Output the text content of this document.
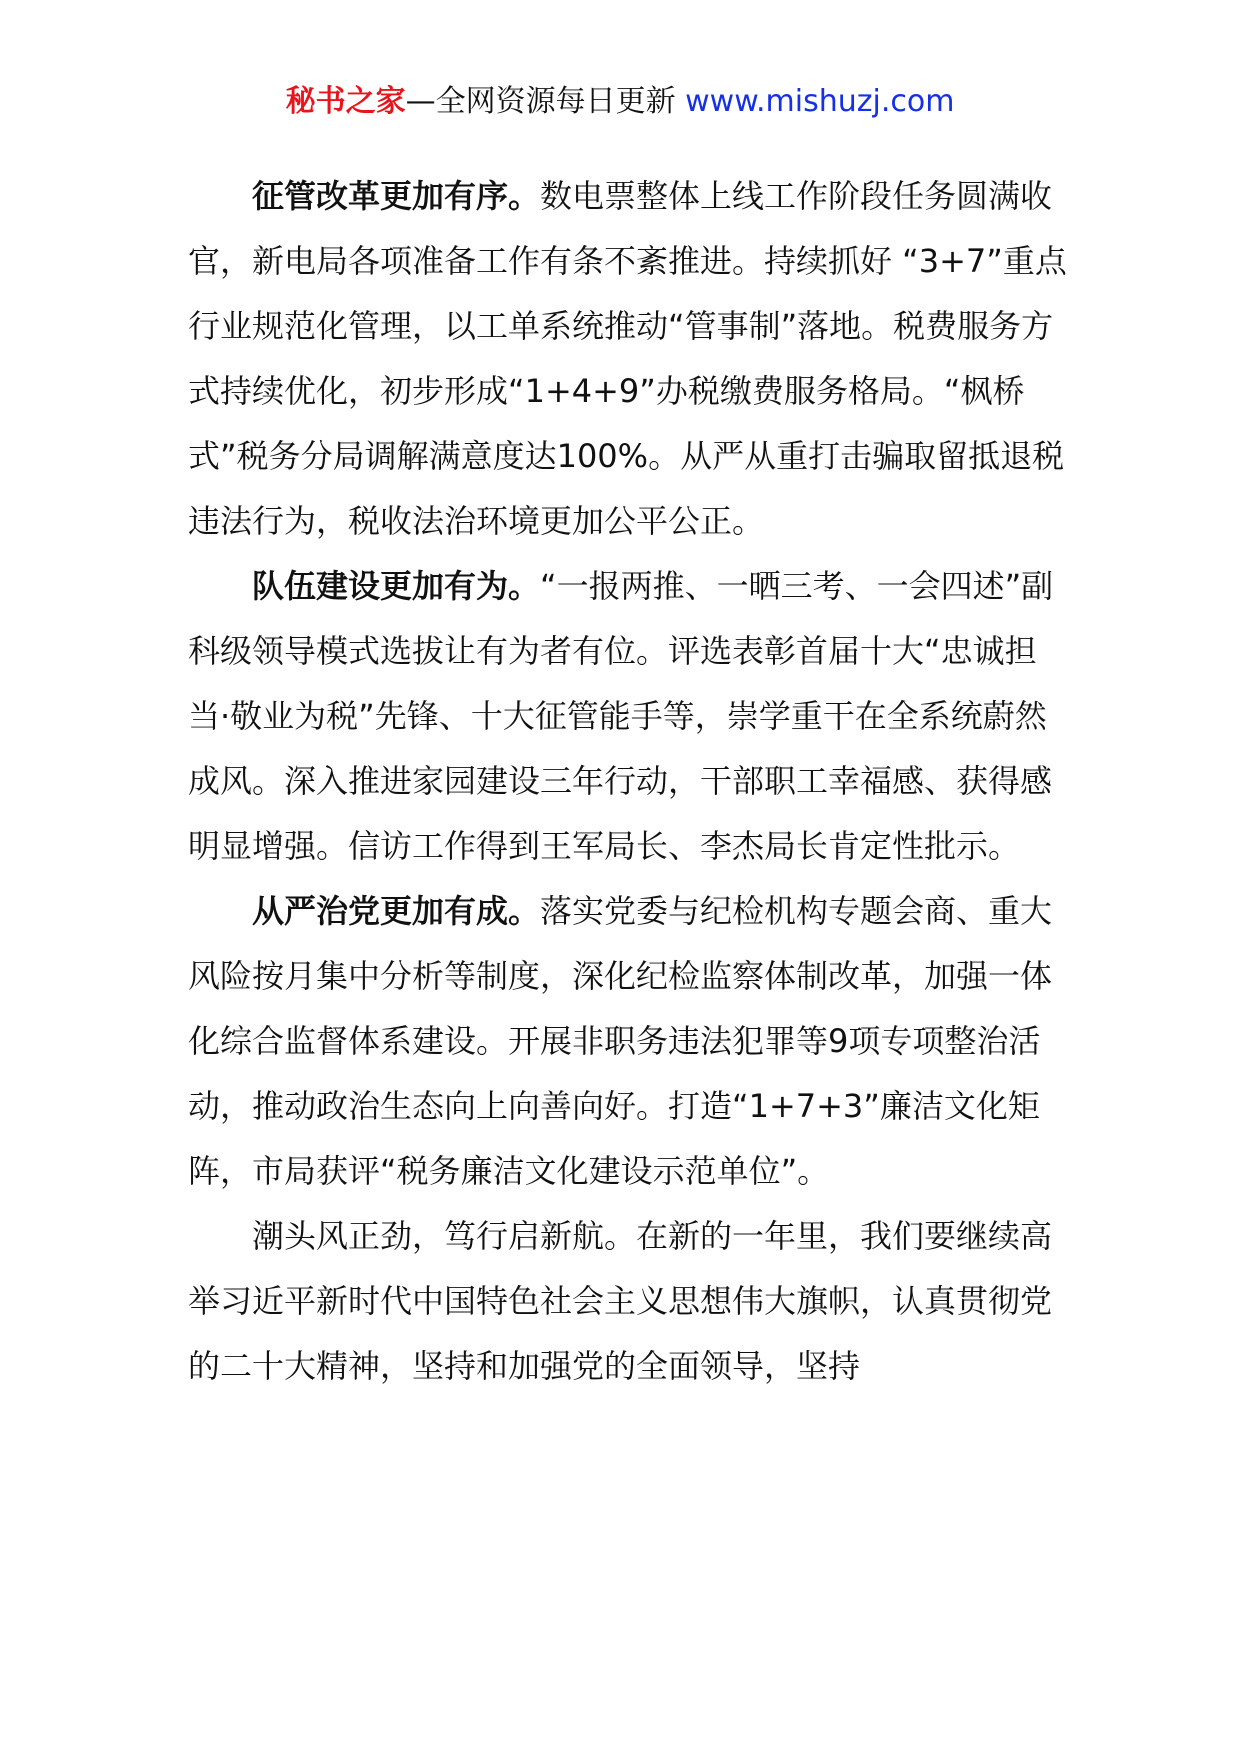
秘书之家—全网资源每日更新 www.mishuzj.com

征管改革更加有序。数电票整体上线工作阶段任务圆满收官，新电局各项准备工作有条不紊推进。持续抓好 “3+7”重点行业规范化管理，以工单系统推动“管事制”落地。税费服务方式持续优化，初步形成“1+4+9”办税缴费服务格局。“枫桥式”税务分局调解满意度达100%。从严从重打击骗取留抵退税违法行为，税收法治环境更加公平公正。

队伍建设更加有为。“一报两推、一晒三考、一会四述”副科级领导模式选拔让有为者有位。评选表彰首届十大“忠诚担当·敬业为税”先锋、十大征管能手等，崇学重干在全系统蔚然成风。深入推进家园建设三年行动，干部职工幸福感、获得感明显增强。信访工作得到王军局长、李杰局长肯定性批示。

从严治党更加有成。落实党委与纪检机构专题会商、重大风险按月集中分析等制度，深化纪检监察体制改革，加强一体化综合监督体系建设。开展非职务违法犯罪等9项专项整治活动，推动政治生态向上向善向好。打造“1+7+3”廉洁文化矩阵，市局获评“税务廉洁文化建设示范单位”。

潮头风正劲，笃行启新航。在新的一年里，我们要继续高举习近平新时代中国特色社会主义思想伟大旗帜，认真贯彻党的二十大精神，坚持和加强党的全面领导，坚持
